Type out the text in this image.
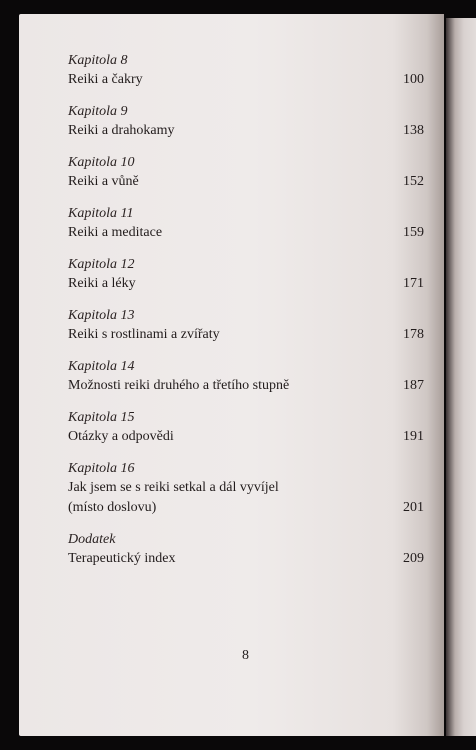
Kapitola 8
Reiki a čakry	100
Kapitola 9
Reiki a drahokamy	138
Kapitola 10
Reiki a vůně	152
Kapitola 11
Reiki a meditace	159
Kapitola 12
Reiki a léky	171
Kapitola 13
Reiki s rostlinami a zvířaty	178
Kapitola 14
Možnosti reiki druhého a třetího stupně	187
Kapitola 15
Otázky a odpovědi	191
Kapitola 16
Jak jsem se s reiki setkal a dál vyvíjel (místo doslovu)	201
Dodatek
Terapeutický index	209
8
